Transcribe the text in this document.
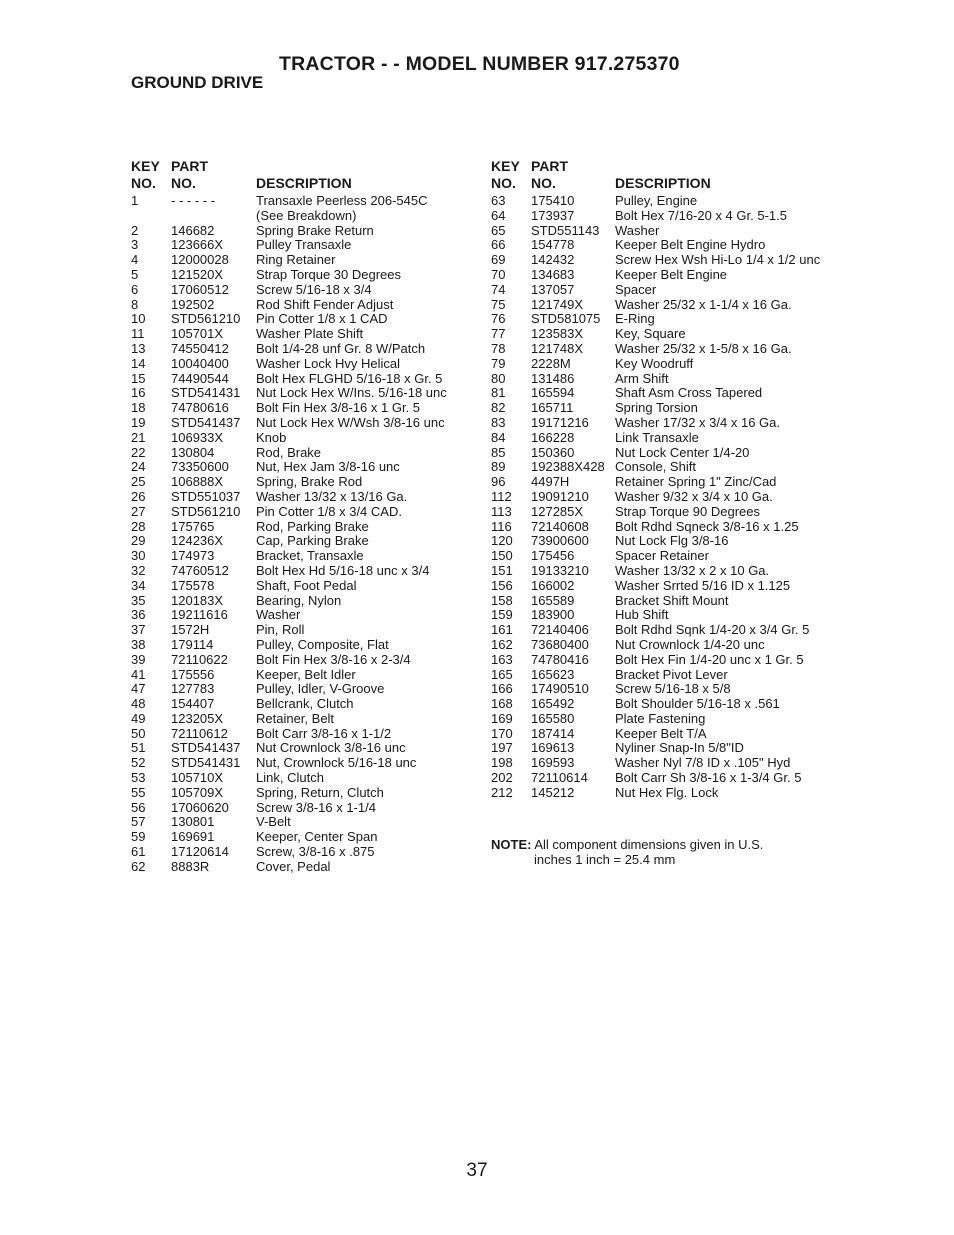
TRACTOR - - MODEL NUMBER 917.275370
GROUND DRIVE
KEY PART
NO. NO.	DESCRIPTION
1	- - - - - -	Transaxle Peerless 206-545C
(See Breakdown)
2	146682	Spring Brake Return
3	123666X	Pulley Transaxle
4	12000028 Ring Retainer
5	121520X	Strap Torque 30 Degrees
6	17060512 Screw 5/16-18 x 3/4
8	192502	Rod Shift Fender Adjust
10 STD561210 Pin Cotter 1/8 x 1 CAD
11 105701X	Washer Plate Shift
13 74550412 Bolt 1/4-28 unf Gr. 8 W/Patch
14 10040400 Washer Lock Hvy Helical
15 74490544 Bolt Hex FLGHD 5/16-18 x Gr. 5
16 STD541431 Nut Lock Hex W/Ins. 5/16-18 unc
18 74780616 Bolt Fin Hex 3/8-16 x 1 Gr. 5
19 STD541437 Nut Lock Hex W/Wsh 3/8-16 unc
21 106933X	Knob
22 130804	Rod, Brake
24 73350600 Nut, Hex Jam 3/8-16 unc
25 106888X	Spring, Brake Rod
26 STD551037 Washer 13/32 x 13/16 Ga.
27 STD561210 Pin Cotter 1/8 x 3/4 CAD.
28 175765	Rod, Parking Brake
29 124236X	Cap, Parking Brake
30 174973	Bracket, Transaxle
32 74760512 Bolt Hex Hd 5/16-18 unc x 3/4
34 175578	Shaft, Foot Pedal
35 120183X	Bearing, Nylon
36 19211616 Washer
37 1572H	Pin, Roll
38 179114	Pulley, Composite, Flat
39 72110622 Bolt Fin Hex 3/8-16 x 2-3/4
41 175556	Keeper, Belt Idler
47 127783	Pulley, Idler, V-Groove
48 154407	Bellcrank, Clutch
49 123205X	Retainer, Belt
50 72110612 Bolt Carr 3/8-16 x 1-1/2
51 STD541437 Nut Crownlock 3/8-16 unc
52 STD541431 Nut, Crownlock 5/16-18 unc
53 105710X	Link, Clutch
55 105709X	Spring, Return, Clutch
56 17060620 Screw 3/8-16 x 1-1/4
57 130801	V-Belt
59 169691	Keeper, Center Span
61 17120614 Screw, 3/8-16 x .875
62 8883R	Cover, Pedal
KEY PART
NO. NO.	DESCRIPTION
63 175410	Pulley, Engine
64 173937	Bolt Hex 7/16-20 x 4 Gr. 5-1.5
65 STD551143 Washer
66 154778	Keeper Belt Engine Hydro
69 142432	Screw Hex Wsh Hi-Lo 1/4 x 1/2 unc
70 134683	Keeper Belt Engine
74 137057	Spacer
75 121749X Washer 25/32 x 1-1/4 x 16 Ga.
76 STD581075 E-Ring
77 123583X Key, Square
78 121748X Washer 25/32 x 1-5/8 x 16 Ga.
79 2228M	Key Woodruff
80 131486	Arm Shift
81 165594	Shaft Asm Cross Tapered
82 165711	Spring Torsion
83 19171216 Washer 17/32 x 3/4 x 16 Ga.
84 166228	Link Transaxle
85 150360	Nut Lock Center 1/4-20
89 192388X428 Console, Shift
96 4497H	Retainer Spring 1" Zinc/Cad
112 19091210 Washer 9/32 x 3/4 x 10 Ga.
113 127285X Strap Torque 90 Degrees
116 72140608 Bolt Rdhd Sqneck 3/8-16 x 1.25
120 73900600 Nut Lock Flg 3/8-16
150 175456	Spacer Retainer
151 19133210 Washer 13/32 x 2 x 10 Ga.
156 166002	Washer Srrted 5/16 ID x 1.125
158 165589	Bracket Shift Mount
159 183900	Hub Shift
161 72140406 Bolt Rdhd Sqnk 1/4-20 x 3/4 Gr. 5
162 73680400 Nut Crownlock 1/4-20 unc
163 74780416 Bolt Hex Fin 1/4-20 unc x 1 Gr. 5
165 165623	Bracket Pivot Lever
166 17490510 Screw 5/16-18 x 5/8
168 165492	Bolt Shoulder 5/16-18 x .561
169 165580	Plate Fastening
170 187414	Keeper Belt T/A
197 169613	Nyliner Snap-In 5/8"ID
198 169593	Washer Nyl 7/8 ID x .105" Hyd
202 72110614 Bolt Carr Sh 3/8-16 x 1-3/4 Gr. 5
212 145212	Nut Hex Flg. Lock
NOTE: All component dimensions given in U.S.
inches 1 inch = 25.4 mm
37
